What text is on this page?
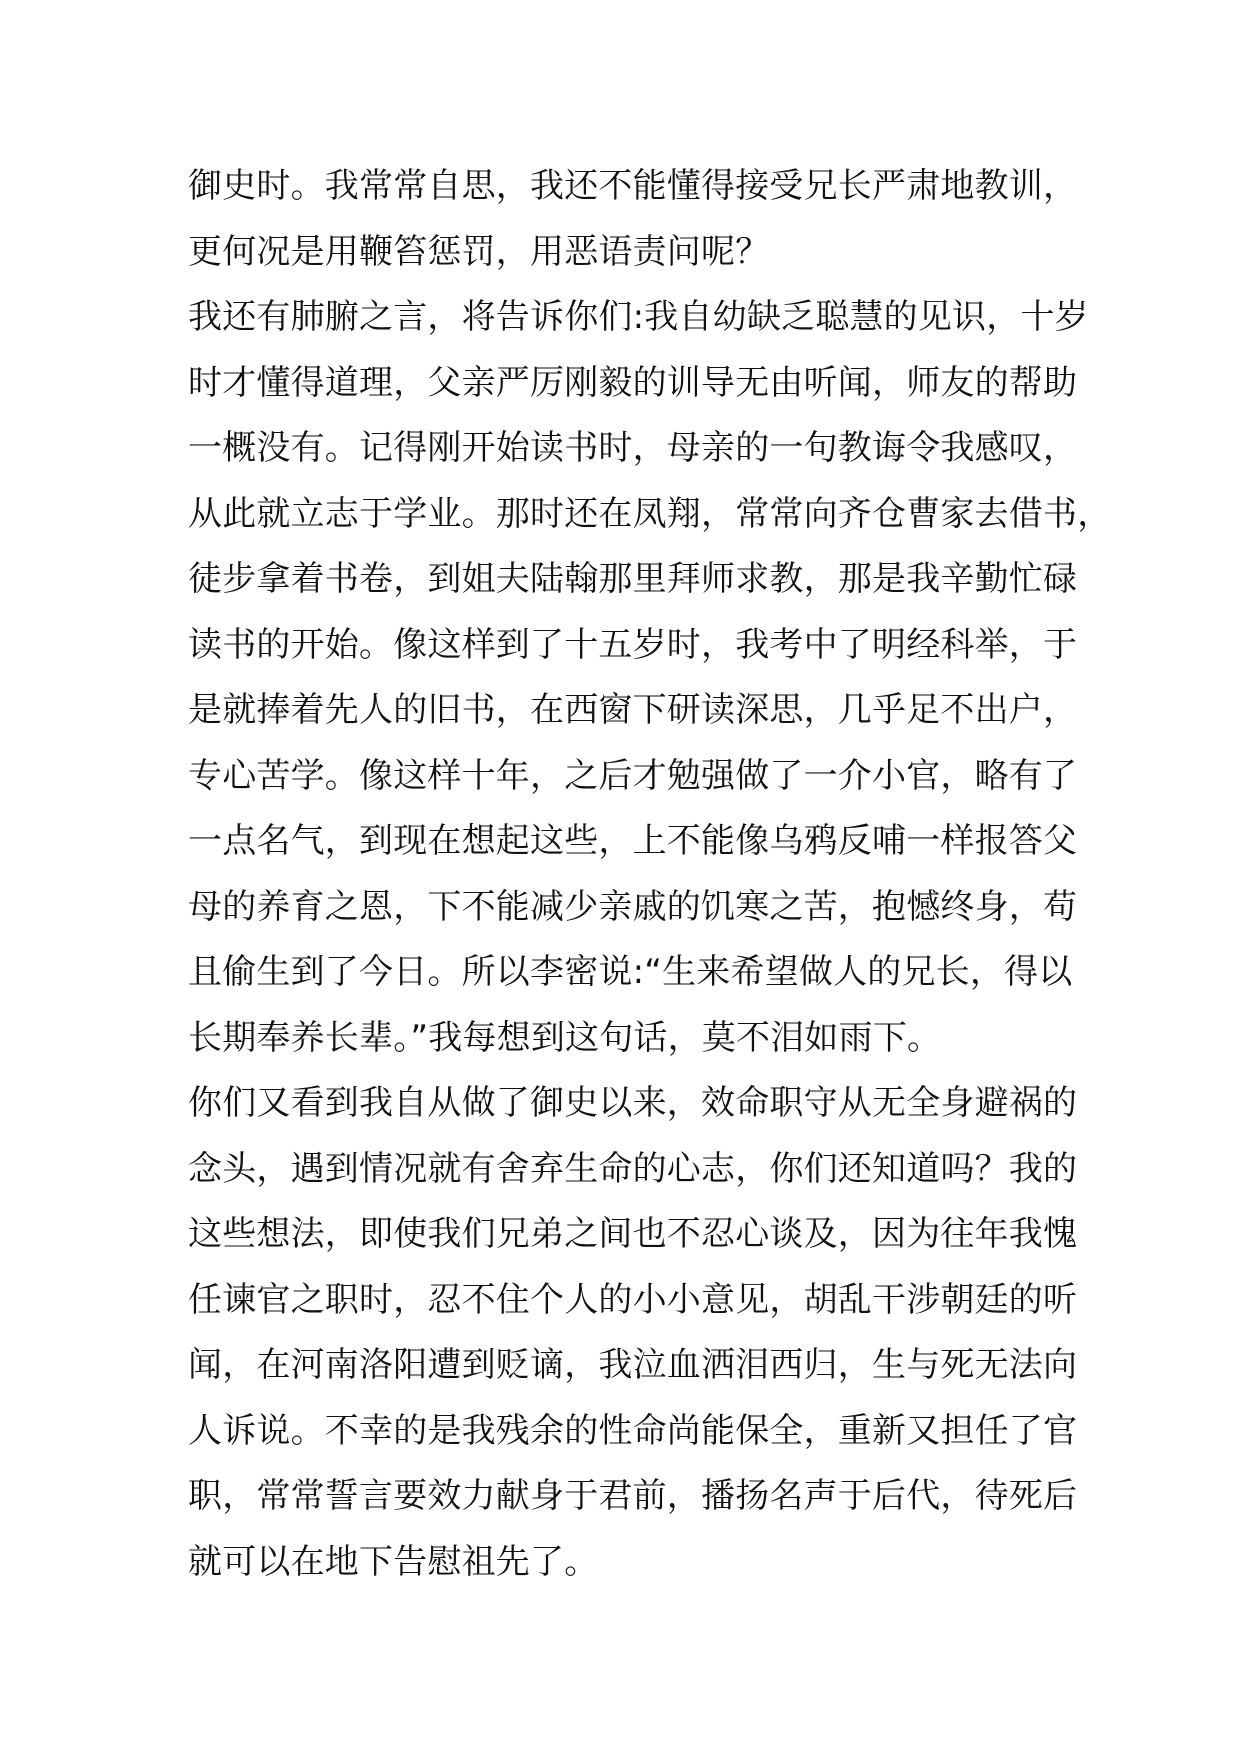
御史时。我常常自思，我还不能懂得接受兄长严肃地教训，
更何况是用鞭笞惩罚，用恶语责问呢？
我还有肺腑之言，将告诉你们:我自幼缺乏聪慧的见识，十岁
时才懂得道理，父亲严厉刚毅的训导无由听闻，师友的帮助
一概没有。记得刚开始读书时，母亲的一句教诲令我感叹，
从此就立志于学业。那时还在凤翔，常常向齐仓曹家去借书，
徒步拿着书卷，到姐夫陆翰那里拜师求教，那是我辛勤忙碌
读书的开始。像这样到了十五岁时，我考中了明经科举，于
是就捧着先人的旧书，在西窗下研读深思，几乎足不出户，
专心苦学。像这样十年，之后才勉强做了一介小官，略有了
一点名气，到现在想起这些，上不能像乌鸦反哺一样报答父
母的养育之恩，下不能减少亲戚的饥寒之苦，抱憾终身，苟
且偷生到了今日。所以李密说:“生来希望做人的兄长，得以
长期奉养长辈。”我每想到这句话，莫不泪如雨下。
你们又看到我自从做了御史以来，效命职守从无全身避祸的
念头，遇到情况就有舍弃生命的心志，你们还知道吗？我的
这些想法，即使我们兄弟之间也不忍心谈及，因为往年我愧
任谏官之职时，忍不住个人的小小意见，胡乱干涉朝廷的听
闻，在河南洛阳遭到贬谪，我泣血洒泪西归，生与死无法向
人诉说。不幸的是我残余的性命尚能保全，重新又担任了官
职，常常誓言要效力献身于君前，播扬名声于后代，待死后
就可以在地下告慰祖先了。
